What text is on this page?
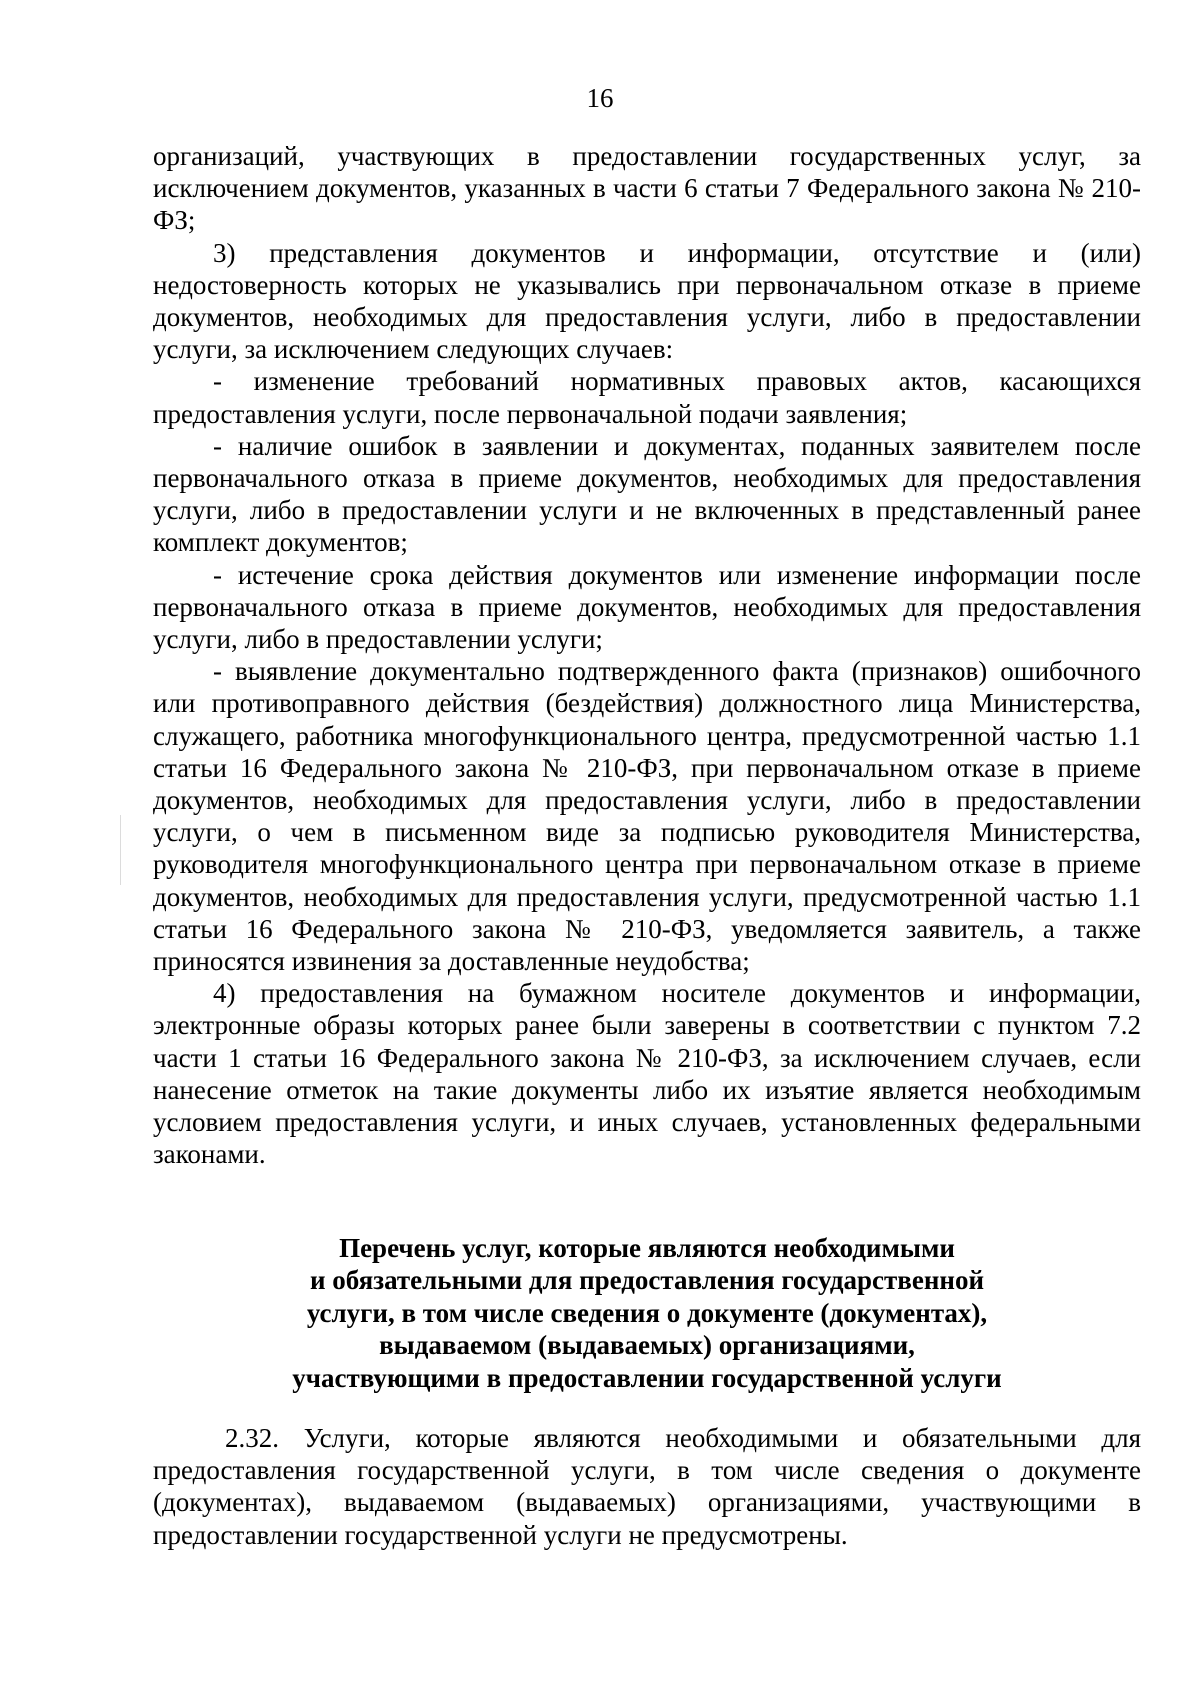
16

организаций, участвующих в предоставлении государственных услуг, за исключением документов, указанных в части 6 статьи 7 Федерального закона № 210-ФЗ;

3) представления документов и информации, отсутствие и (или) недостоверность которых не указывались при первоначальном отказе в приеме документов, необходимых для предоставления услуги, либо в предоставлении услуги, за исключением следующих случаев:

- изменение требований нормативных правовых актов, касающихся предоставления услуги, после первоначальной подачи заявления;

- наличие ошибок в заявлении и документах, поданных заявителем после первоначального отказа в приеме документов, необходимых для предоставления услуги, либо в предоставлении услуги и не включенных в представленный ранее комплект документов;

- истечение срока действия документов или изменение информации после первоначального отказа в приеме документов, необходимых для предоставления услуги, либо в предоставлении услуги;

- выявление документально подтвержденного факта (признаков) ошибочного или противоправного действия (бездействия) должностного лица Министерства, служащего, работника многофункционального центра, предусмотренной частью 1.1 статьи 16 Федерального закона № 210-ФЗ, при первоначальном отказе в приеме документов, необходимых для предоставления услуги, либо в предоставлении услуги, о чем в письменном виде за подписью руководителя Министерства, руководителя многофункционального центра при первоначальном отказе в приеме документов, необходимых для предоставления услуги, предусмотренной частью 1.1 статьи 16 Федерального закона № 210-ФЗ, уведомляется заявитель, а также приносятся извинения за доставленные неудобства;

4) предоставления на бумажном носителе документов и информации, электронные образы которых ранее были заверены в соответствии с пунктом 7.2 части 1 статьи 16 Федерального закона № 210-ФЗ, за исключением случаев, если нанесение отметок на такие документы либо их изъятие является необходимым условием предоставления услуги, и иных случаев, установленных федеральными законами.

Перечень услуг, которые являются необходимыми
и обязательными для предоставления государственной
услуги, в том числе сведения о документе (документах),
выдаваемом (выдаваемых) организациями,
участвующими в предоставлении государственной услуги

2.32. Услуги, которые являются необходимыми и обязательными для предоставления государственной услуги, в том числе сведения о документе (документах), выдаваемом (выдаваемых) организациями, участвующими в предоставлении государственной услуги не предусмотрены.
